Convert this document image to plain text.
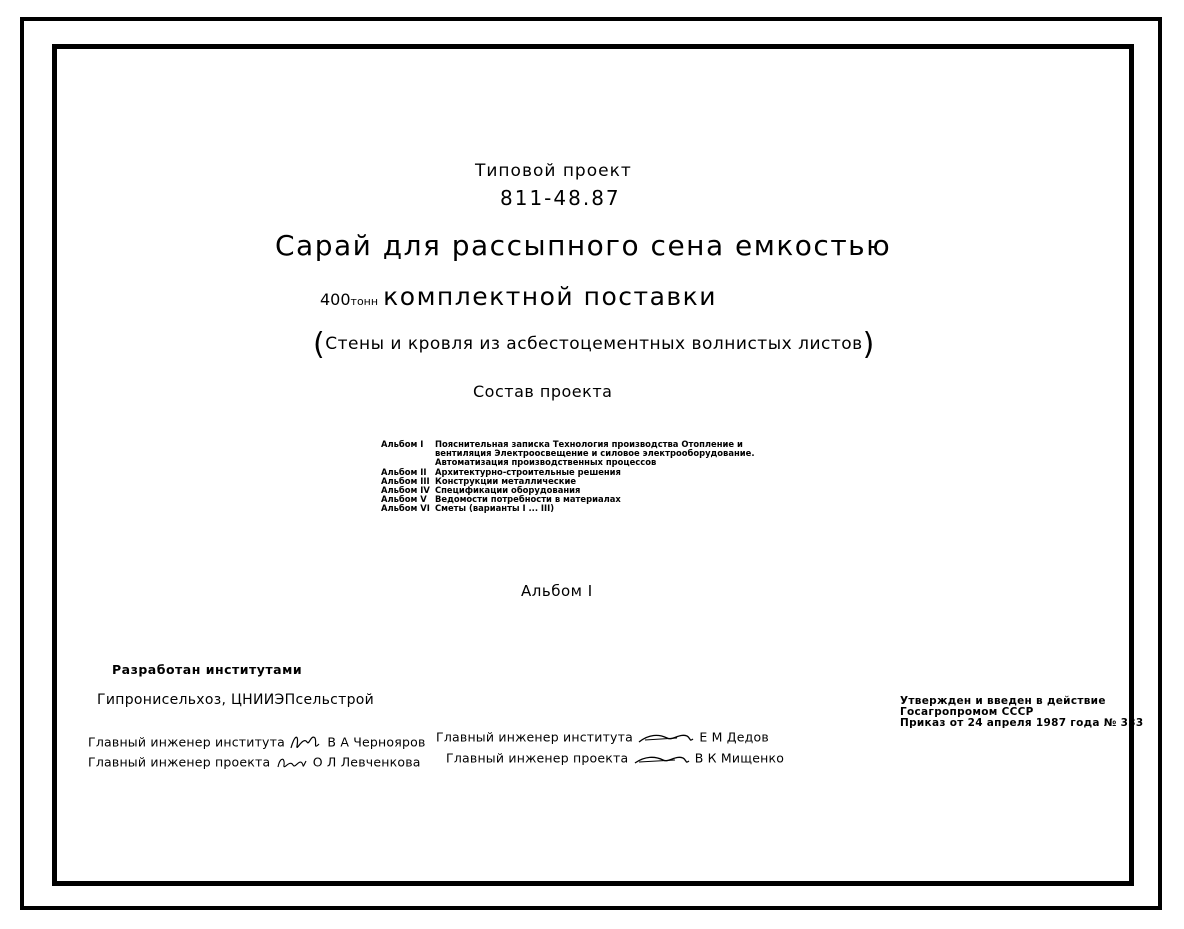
Типовой проект
811-48.87
Сарай для рассыпного сена емкостью
400тонн комплектной поставки
(Стены и кровля из асбестоцементных волнистых листов)
Состав проекта
Альбом I	Пояснительная записка Технология производства Отопление и
вентиляция Электроосвещение и силовое электрооборудование.
Автоматизация производственных процессов
Альбом II	Архитектурно-строительные решения
Альбом III Конструкции металлические
Альбом IV Спецификации оборудования
Альбом V Ведомости потребности в материалах
Альбом VI Сметы (варианты I ... III)
Альбом I
Разработан институтами
Гипронисельхоз, ЦНИИЭПсельстрой
Главный инженер института	В А Чернояров
Главный инженер проекта	О Л Левченкова
Главный инженер института	Е М Дедов
Главный инженер проекта	В К Мищенко
Утвержден и введен в действие
Госагропромом СССР
Приказ от 24 апреля 1987 года № 333
